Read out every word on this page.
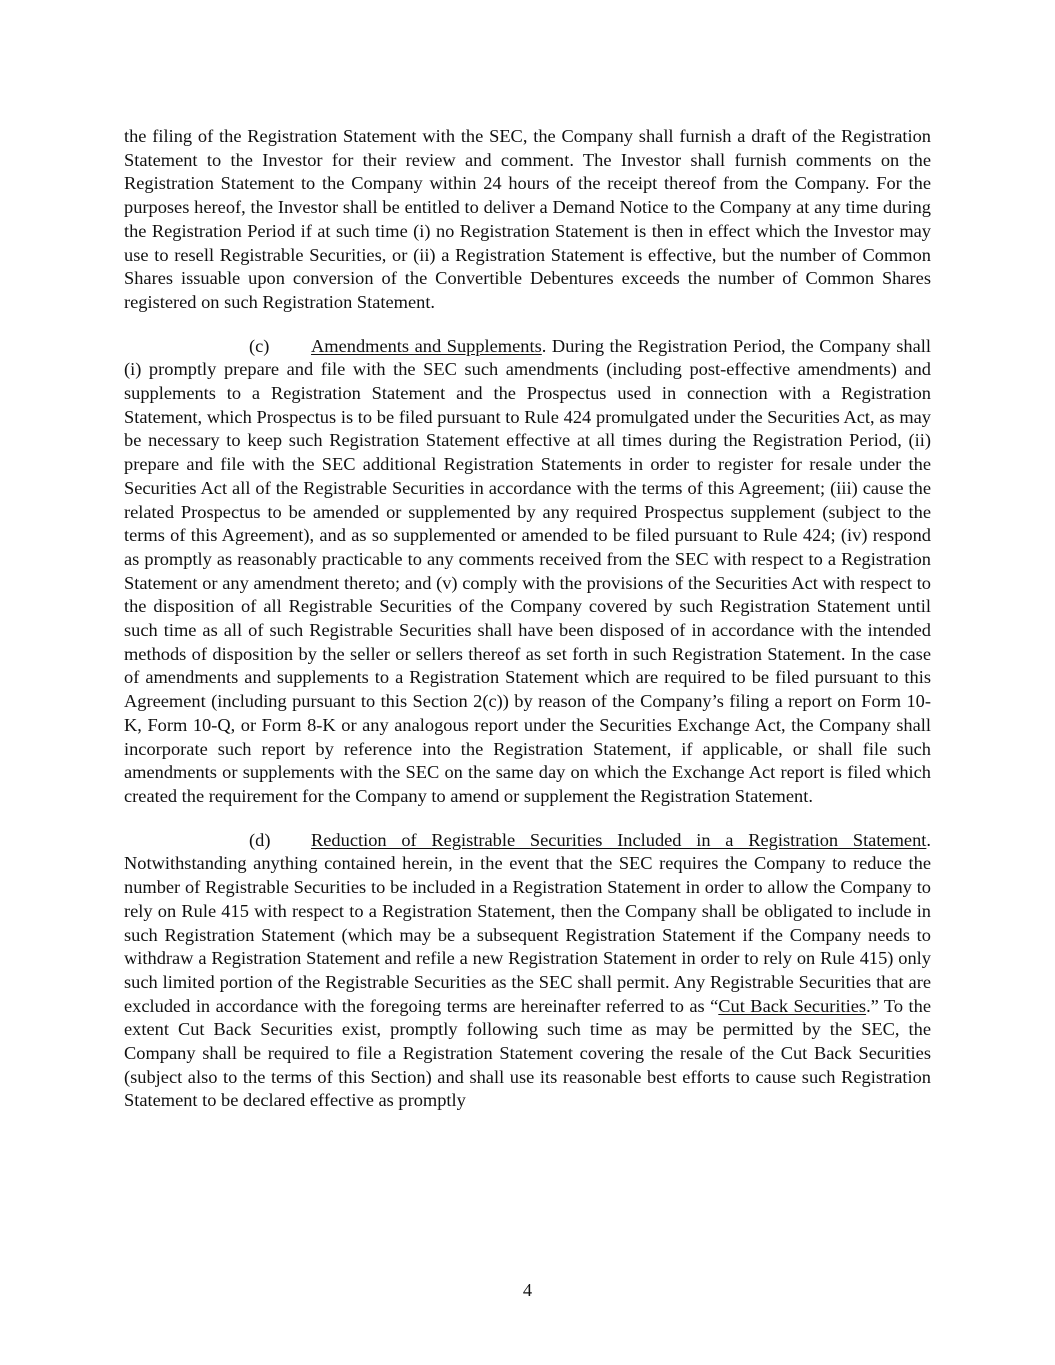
the filing of the Registration Statement with the SEC, the Company shall furnish a draft of the Registration Statement to the Investor for their review and comment. The Investor shall furnish comments on the Registration Statement to the Company within 24 hours of the receipt thereof from the Company. For the purposes hereof, the Investor shall be entitled to deliver a Demand Notice to the Company at any time during the Registration Period if at such time (i) no Registration Statement is then in effect which the Investor may use to resell Registrable Securities, or (ii) a Registration Statement is effective, but the number of Common Shares issuable upon conversion of the Convertible Debentures exceeds the number of Common Shares registered on such Registration Statement.

(c) Amendments and Supplements. During the Registration Period, the Company shall (i) promptly prepare and file with the SEC such amendments (including post-effective amendments) and supplements to a Registration Statement and the Prospectus used in connection with a Registration Statement, which Prospectus is to be filed pursuant to Rule 424 promulgated under the Securities Act, as may be necessary to keep such Registration Statement effective at all times during the Registration Period, (ii) prepare and file with the SEC additional Registration Statements in order to register for resale under the Securities Act all of the Registrable Securities in accordance with the terms of this Agreement; (iii) cause the related Prospectus to be amended or supplemented by any required Prospectus supplement (subject to the terms of this Agreement), and as so supplemented or amended to be filed pursuant to Rule 424; (iv) respond as promptly as reasonably practicable to any comments received from the SEC with respect to a Registration Statement or any amendment thereto; and (v) comply with the provisions of the Securities Act with respect to the disposition of all Registrable Securities of the Company covered by such Registration Statement until such time as all of such Registrable Securities shall have been disposed of in accordance with the intended methods of disposition by the seller or sellers thereof as set forth in such Registration Statement. In the case of amendments and supplements to a Registration Statement which are required to be filed pursuant to this Agreement (including pursuant to this Section 2(c)) by reason of the Company’s filing a report on Form 10-K, Form 10-Q, or Form 8-K or any analogous report under the Securities Exchange Act, the Company shall incorporate such report by reference into the Registration Statement, if applicable, or shall file such amendments or supplements with the SEC on the same day on which the Exchange Act report is filed which created the requirement for the Company to amend or supplement the Registration Statement.

(d) Reduction of Registrable Securities Included in a Registration Statement. Notwithstanding anything contained herein, in the event that the SEC requires the Company to reduce the number of Registrable Securities to be included in a Registration Statement in order to allow the Company to rely on Rule 415 with respect to a Registration Statement, then the Company shall be obligated to include in such Registration Statement (which may be a subsequent Registration Statement if the Company needs to withdraw a Registration Statement and refile a new Registration Statement in order to rely on Rule 415) only such limited portion of the Registrable Securities as the SEC shall permit. Any Registrable Securities that are excluded in accordance with the foregoing terms are hereinafter referred to as “Cut Back Securities.” To the extent Cut Back Securities exist, promptly following such time as may be permitted by the SEC, the Company shall be required to file a Registration Statement covering the resale of the Cut Back Securities (subject also to the terms of this Section) and shall use its reasonable best efforts to cause such Registration Statement to be declared effective as promptly

4
